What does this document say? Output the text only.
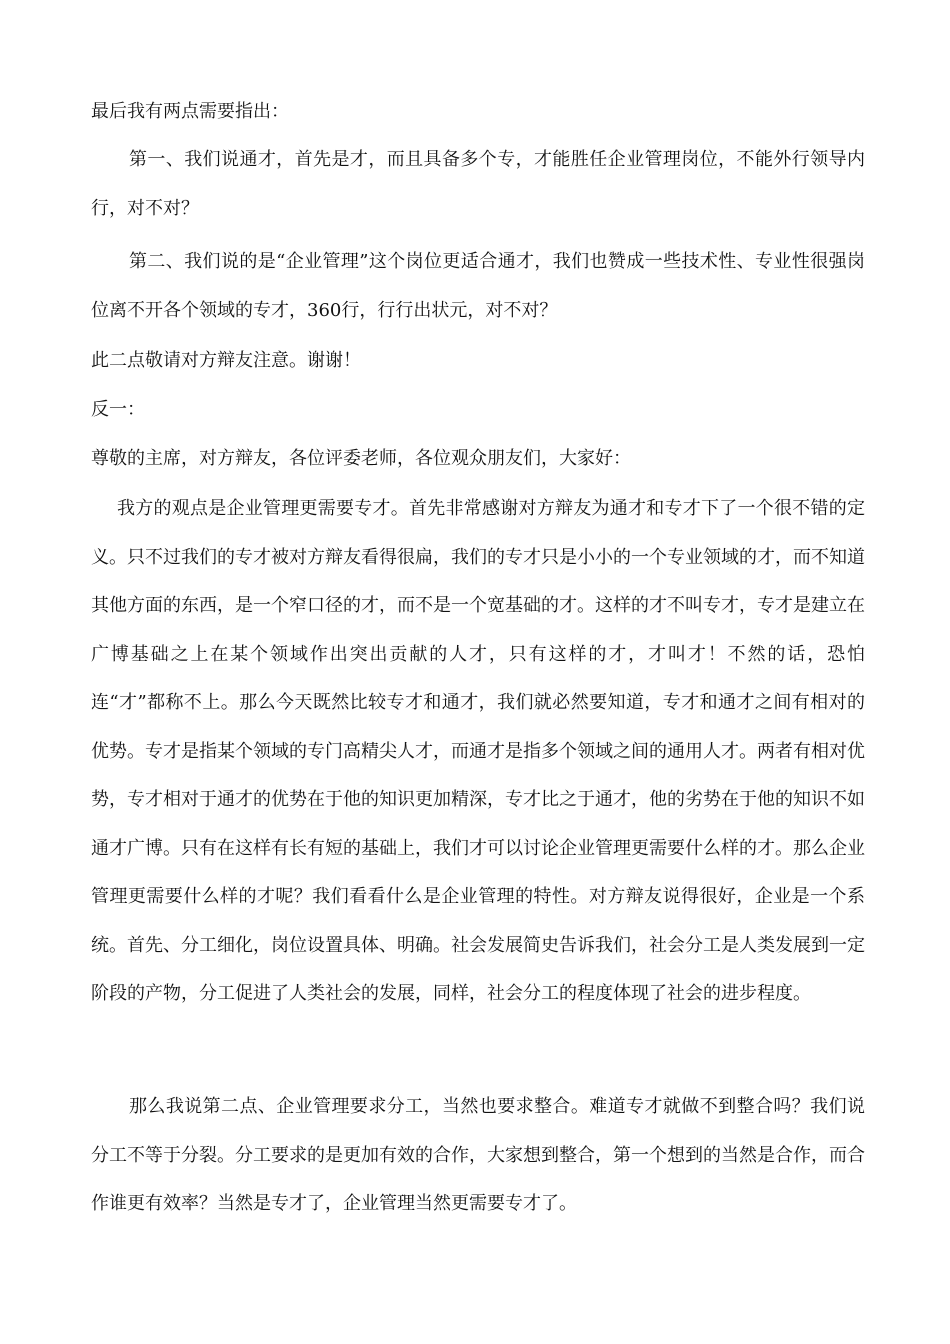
最后我有两点需要指出：

第一、我们说通才，首先是才，而且具备多个专，才能胜任企业管理岗位，不能外行领导内行，对不对？

第二、我们说的是“企业管理”这个岗位更适合通才，我们也赞成一些技术性、专业性很强岗位离不开各个领域的专才，360行，行行出状元，对不对？

此二点敬请对方辩友注意。谢谢！

反一：

尊敬的主席，对方辩友，各位评委老师，各位观众朋友们，大家好：

我方的观点是企业管理更需要专才。首先非常感谢对方辩友为通才和专才下了一个很不错的定义。只不过我们的专才被对方辩友看得很扁，我们的专才只是小小的一个专业领域的才，而不知道其他方面的东西，是一个窄口径的才，而不是一个宽基础的才。这样的才不叫专才，专才是建立在广博基础之上在某个领域作出突出贡献的人才，只有这样的才，才叫才！不然的话，恐怕连“才”都称不上。那么今天既然比较专才和通才，我们就必然要知道，专才和通才之间有相对的优势。专才是指某个领域的专门高精尖人才，而通才是指多个领域之间的通用人才。两者有相对优势，专才相对于通才的优势在于他的知识更加精深，专才比之于通才，他的劣势在于他的知识不如通才广博。只有在这样有长有短的基础上，我们才可以讨论企业管理更需要什么样的才。那么企业管理更需要什么样的才呢？我们看看什么是企业管理的特性。对方辩友说得很好，企业是一个系统。首先、分工细化，岗位设置具体、明确。社会发展简史告诉我们，社会分工是人类发展到一定阶段的产物，分工促进了人类社会的发展，同样，社会分工的程度体现了社会的进步程度。

那么我说第二点、企业管理要求分工，当然也要求整合。难道专才就做不到整合吗？我们说分工不等于分裂。分工要求的是更加有效的合作，大家想到整合，第一个想到的当然是合作，而合作谁更有效率？当然是专才了，企业管理当然更需要专才了。
